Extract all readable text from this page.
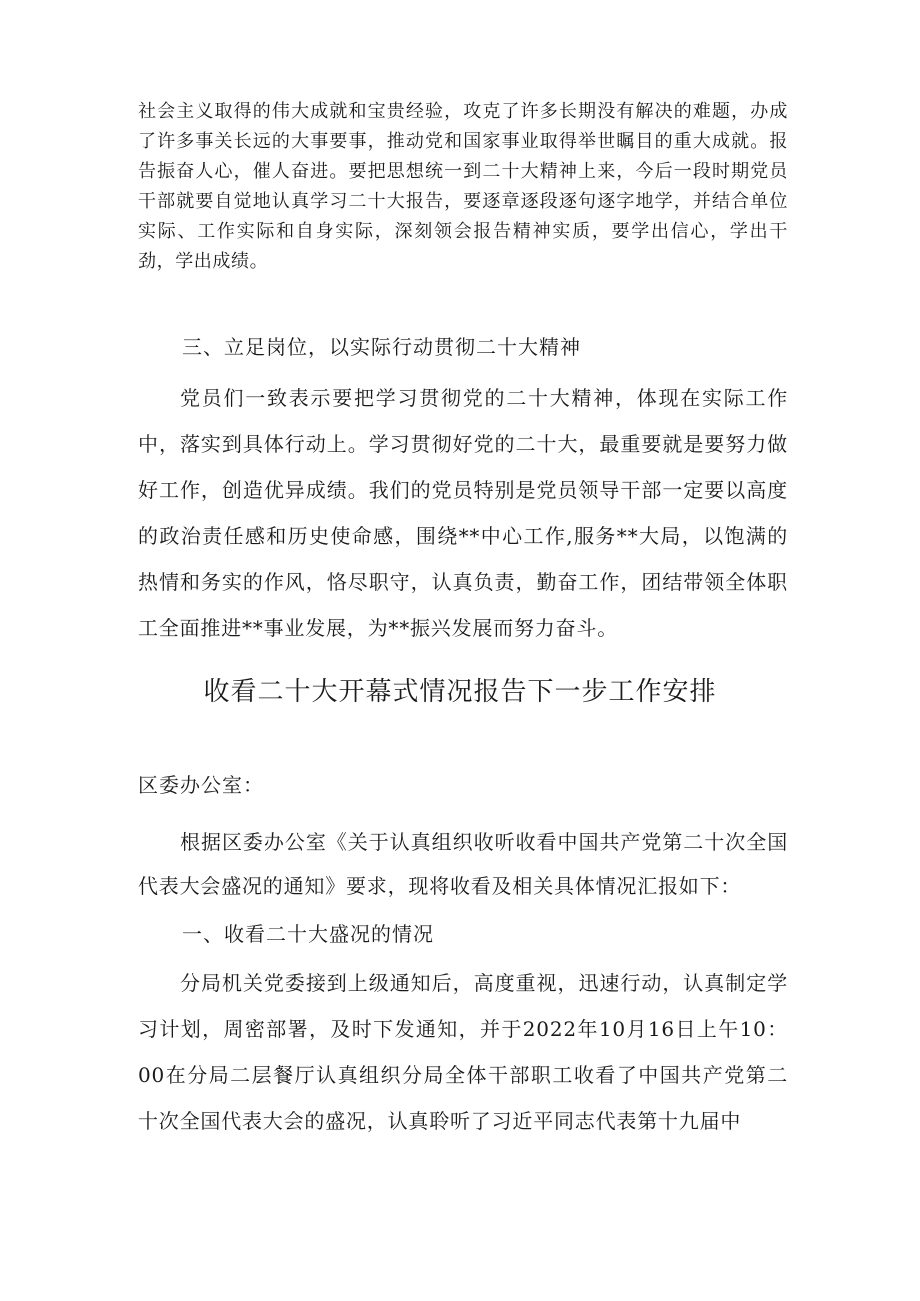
社会主义取得的伟大成就和宝贵经验，攻克了许多长期没有解决的难题，办成了许多事关长远的大事要事，推动党和国家事业取得举世瞩目的重大成就。报告振奋人心，催人奋进。要把思想统一到二十大精神上来，今后一段时期党员干部就要自觉地认真学习二十大报告，要逐章逐段逐句逐字地学，并结合单位实际、工作实际和自身实际，深刻领会报告精神实质，要学出信心，学出干劲，学出成绩。

三、立足岗位，以实际行动贯彻二十大精神

党员们一致表示要把学习贯彻党的二十大精神，体现在实际工作中，落实到具体行动上。学习贯彻好党的二十大，最重要就是要努力做好工作，创造优异成绩。我们的党员特别是党员领导干部一定要以高度的政治责任感和历史使命感，围绕**中心工作,服务**大局，以饱满的热情和务实的作风，恪尽职守，认真负责，勤奋工作，团结带领全体职工全面推进**事业发展，为**振兴发展而努力奋斗。

收看二十大开幕式情况报告下一步工作安排
区委办公室：

根据区委办公室《关于认真组织收听收看中国共产党第二十次全国代表大会盛况的通知》要求，现将收看及相关具体情况汇报如下：

一、收看二十大盛况的情况

分局机关党委接到上级通知后，高度重视，迅速行动，认真制定学习计划，周密部署，及时下发通知，并于2022年10月16日上午10：00在分局二层餐厅认真组织分局全体干部职工收看了中国共产党第二十次全国代表大会的盛况，认真聆听了习近平同志代表第十九届中
